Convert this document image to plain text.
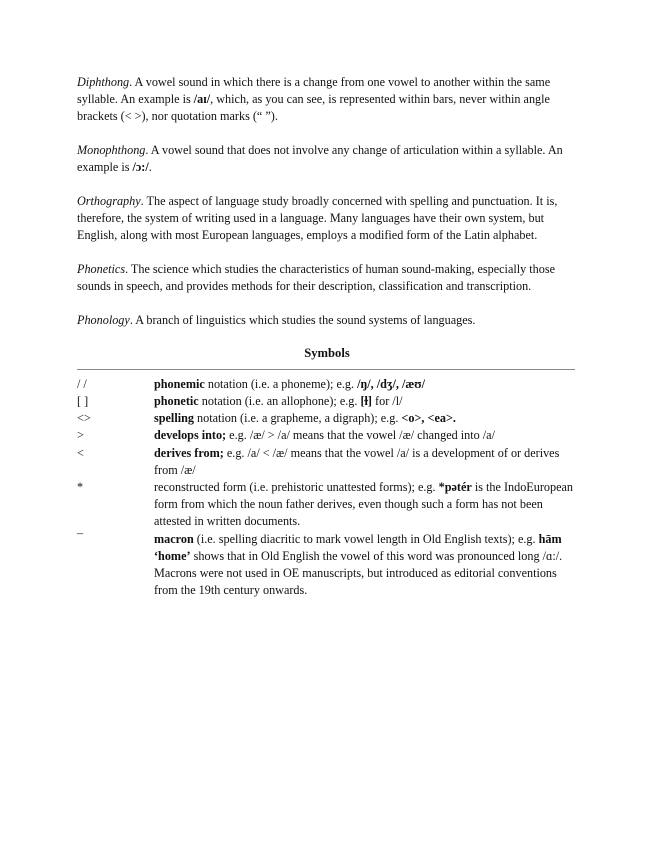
Diphthong. A vowel sound in which there is a change from one vowel to another within the same syllable. An example is /aɪ/, which, as you can see, is represented within bars, never within angle brackets (< >), nor quotation marks (“ ”).

Monophthong. A vowel sound that does not involve any change of articulation within a syllable. An example is /ɔ:/.

Orthography. The aspect of language study broadly concerned with spelling and punctuation. It is, therefore, the system of writing used in a language. Many languages have their own system, but English, along with most European languages, employs a modified form of the Latin alphabet.

Phonetics. The science which studies the characteristics of human sound-making, especially those sounds in speech, and provides methods for their description, classification and transcription.

Phonology. A branch of linguistics which studies the sound systems of languages.

Symbols
/ /	phonemic notation (i.e. a phoneme); e.g. /ŋ/, /dʒ/, /æʊ/
[ ]	phonetic notation (i.e. an allophone); e.g. [ɫ] for /l/
<>	spelling notation (i.e. a grapheme, a digraph); e.g. <o>, <ea>.
>	develops into; e.g. /æ/ > /a/ means that the vowel /æ/ changed into /a/
<	derives from; e.g. /a/ < /æ/ means that the vowel /a/ is a development of or derives from /æ/
*	reconstructed form (i.e. prehistoric unattested forms); e.g. *pətér is the IndoEuropean form from which the noun father derives, even though such a form has not been attested in written documents.
¯	macron (i.e. spelling diacritic to mark vowel length in Old English texts); e.g. hām ‘home’ shows that in Old English the vowel of this word was pronounced long /ɑ:/. Macrons were not used in OE manuscripts, but introduced as editorial conventions from the 19th century onwards.
